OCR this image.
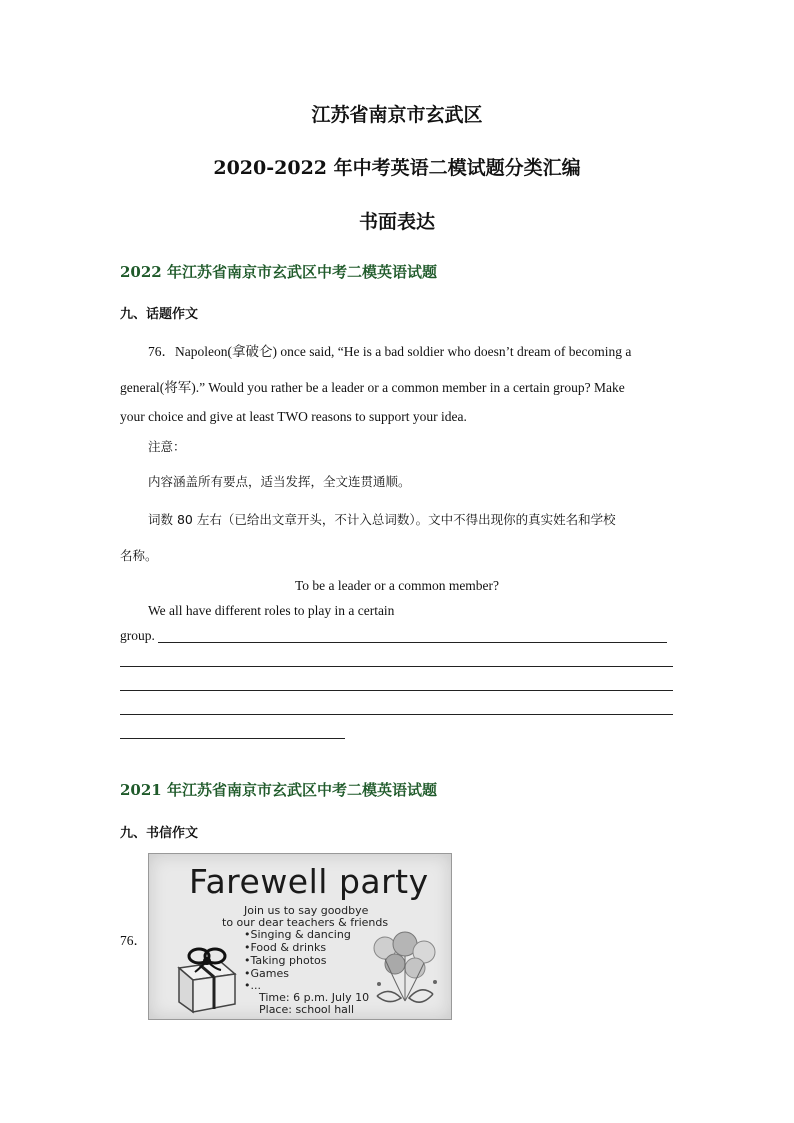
江苏省南京市玄武区
2020-2022 年中考英语二模试题分类汇编
书面表达
2022 年江苏省南京市玄武区中考二模英语试题
九、话题作文
76．Napoleon(拿破仑) once said, “He is a bad soldier who doesn’t dream of becoming a
general(将军).” Would you rather be a leader or a common member in a certain group? Make
your choice and give at least TWO reasons to support your idea.
注意：
内容涵盖所有要点，适当发挥，全文连贯通顺。
词数 80 左右（已给出文章开头，不计入总词数）。文中不得出现你的真实姓名和学校
名称。
To be a leader or a common member?
We all have different roles to play in a certain
group.
2021 年江苏省南京市玄武区中考二模英语试题
九、书信作文
76．
Farewell party
Join us to say goodbye
to our dear teachers & friends
•Singing & dancing
•Food & drinks
•Taking photos
•Games
•...
Time: 6 p.m. July 10
Place: school hall
